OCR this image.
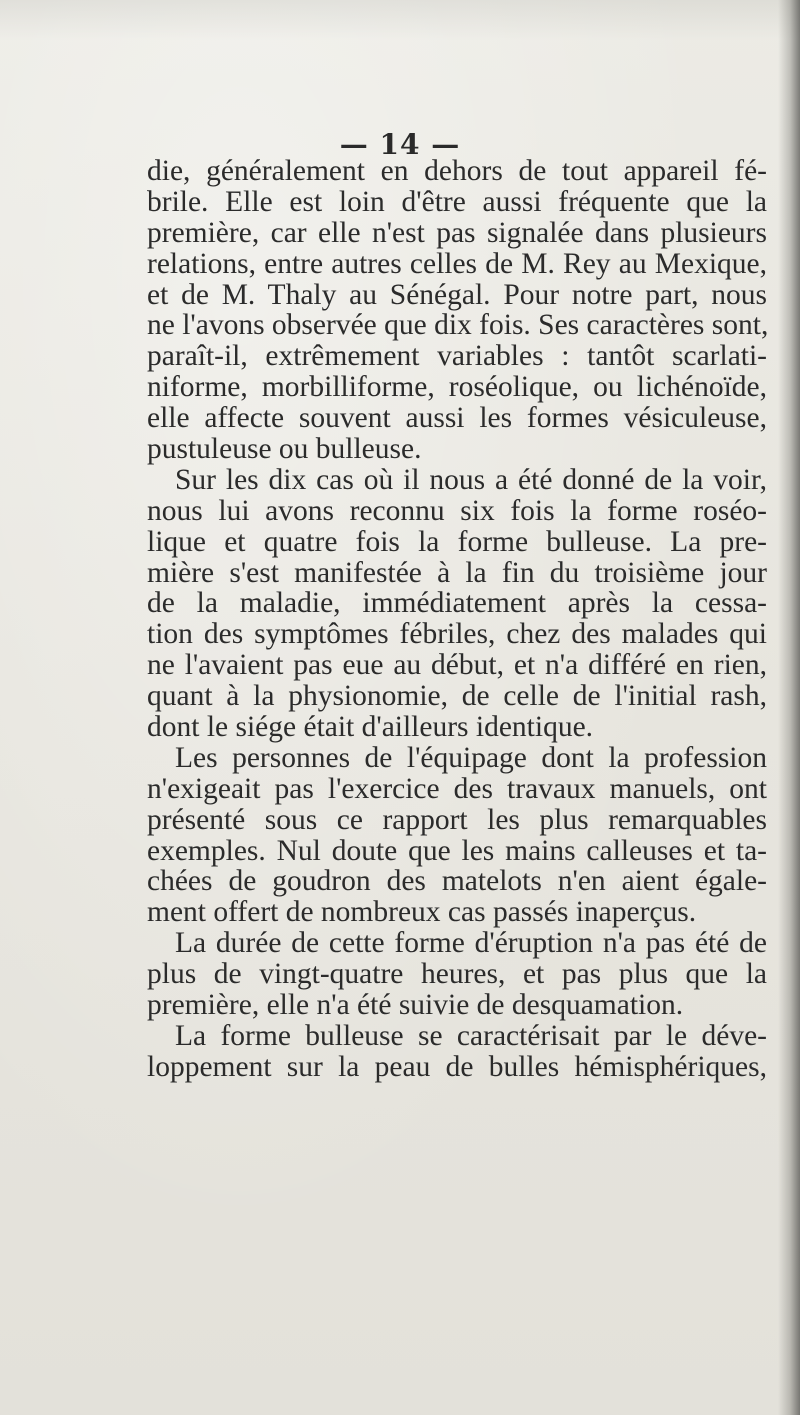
— 14 —
die, généralement en dehors de tout appareil fé-
brile. Elle est loin d'être aussi fréquente que la
première, car elle n'est pas signalée dans plusieurs
relations, entre autres celles de M. Rey au Mexique,
et de M. Thaly au Sénégal. Pour notre part, nous
ne l'avons observée que dix fois. Ses caractères sont,
paraît-il, extrêmement variables : tantôt scarlati-
niforme, morbilliforme, roséolique, ou lichénoïde,
elle affecte souvent aussi les formes vésiculeuse,
pustuleuse ou bulleuse.
Sur les dix cas où il nous a été donné de la voir,
nous lui avons reconnu six fois la forme roséo-
lique et quatre fois la forme bulleuse. La pre-
mière s'est manifestée à la fin du troisième jour
de la maladie, immédiatement après la cessa-
tion des symptômes fébriles, chez des malades qui
ne l'avaient pas eue au début, et n'a différé en rien,
quant à la physionomie, de celle de l'initial rash,
dont le siége était d'ailleurs identique.
Les personnes de l'équipage dont la profession
n'exigeait pas l'exercice des travaux manuels, ont
présenté sous ce rapport les plus remarquables
exemples. Nul doute que les mains calleuses et ta-
chées de goudron des matelots n'en aient égale-
ment offert de nombreux cas passés inaperçus.
La durée de cette forme d'éruption n'a pas été de
plus de vingt-quatre heures, et pas plus que la
première, elle n'a été suivie de desquamation.
La forme bulleuse se caractérisait par le déve-
loppement sur la peau de bulles hémisphériques,
